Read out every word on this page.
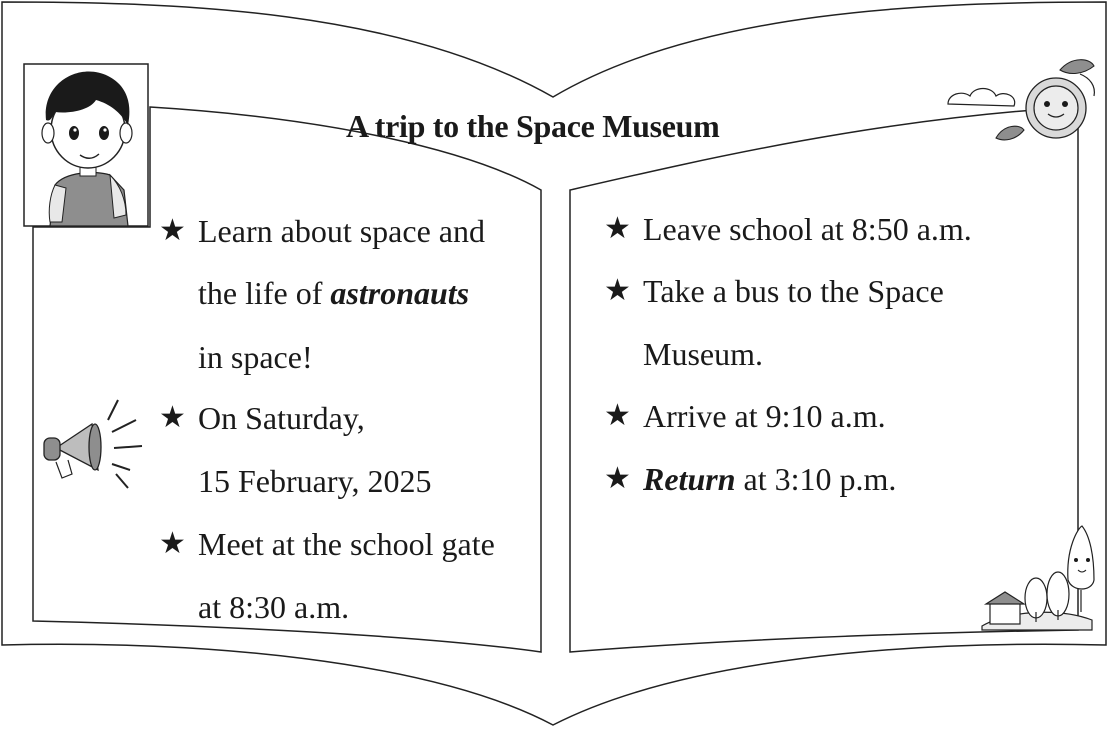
A trip to the Space Museum
★ Learn about space and
the life of astronauts
in space!
★ On Saturday,
15 February, 2025
★ Meet at the school gate
at 8:30 a.m.
★ Leave school at 8:50 a.m.
★ Take a bus to the Space
Museum.
★ Arrive at 9:10 a.m.
★ Return at 3:10 p.m.
